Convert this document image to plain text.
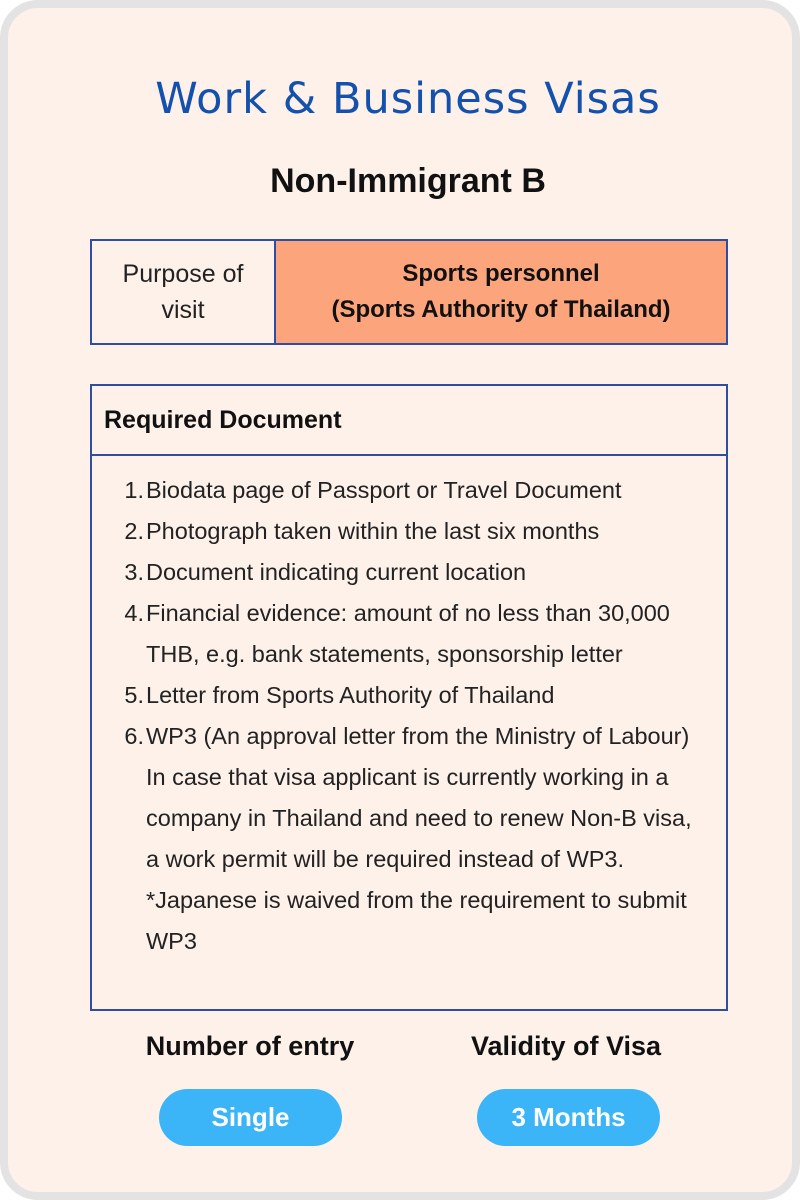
Work & Business Visas
Non-Immigrant B
Purpose of visit
Sports personnel
(Sports Authority of Thailand)
Required Document
1. Biodata page of Passport or Travel Document
2. Photograph taken within the last six months
3. Document indicating current location
4. Financial evidence: amount of no less than 30,000 THB, e.g. bank statements, sponsorship letter
5. Letter from Sports Authority of Thailand
6. WP3 (An approval letter from the Ministry of Labour) In case that visa applicant is currently working in a company in Thailand and need to renew Non-B visa, a work permit will be required instead of WP3. *Japanese is waived from the requirement to submit WP3
Number of entry	Validity of Visa
Single	3 Months
